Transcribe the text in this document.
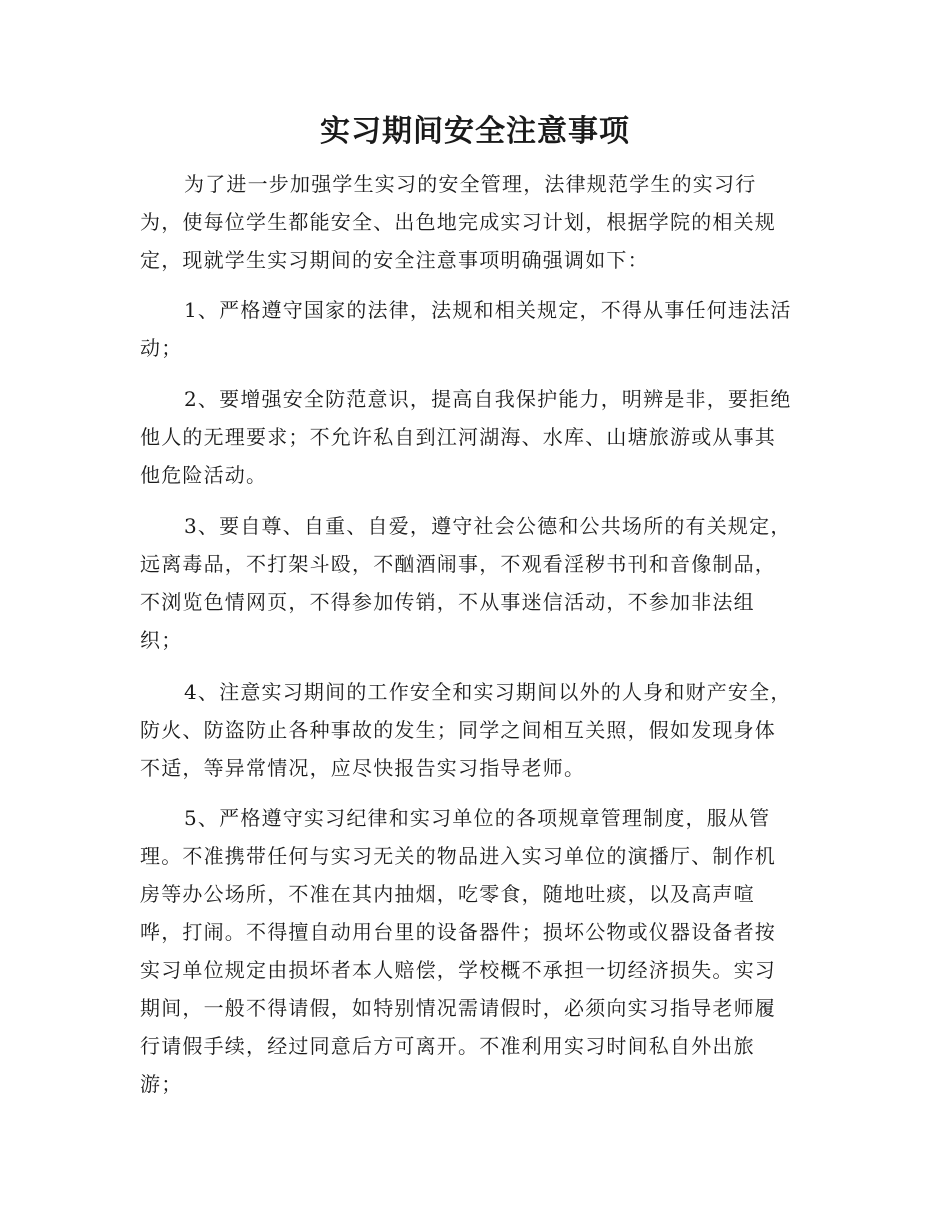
实习期间安全注意事项
为了进一步加强学生实习的安全管理，法律规范学生的实习行
为，使每位学生都能安全、出色地完成实习计划，根据学院的相关规
定，现就学生实习期间的安全注意事项明确强调如下：
1、严格遵守国家的法律，法规和相关规定，不得从事任何违法活
动；
2、要增强安全防范意识，提高自我保护能力，明辨是非，要拒绝
他人的无理要求；不允许私自到江河湖海、水库、山塘旅游或从事其
他危险活动。
3、要自尊、自重、自爱，遵守社会公德和公共场所的有关规定，
远离毒品，不打架斗殴，不酗酒闹事，不观看淫秽书刊和音像制品，
不浏览色情网页，不得参加传销，不从事迷信活动，不参加非法组
织；
4、注意实习期间的工作安全和实习期间以外的人身和财产安全，
防火、防盗防止各种事故的发生；同学之间相互关照，假如发现身体
不适，等异常情况，应尽快报告实习指导老师。
5、严格遵守实习纪律和实习单位的各项规章管理制度，服从管
理。不准携带任何与实习无关的物品进入实习单位的演播厅、制作机
房等办公场所，不准在其内抽烟，吃零食，随地吐痰，以及高声喧
哗，打闹。不得擅自动用台里的设备器件；损坏公物或仪器设备者按
实习单位规定由损坏者本人赔偿，学校概不承担一切经济损失。实习
期间，一般不得请假，如特别情况需请假时，必须向实习指导老师履
行请假手续，经过同意后方可离开。不准利用实习时间私自外出旅
游；
